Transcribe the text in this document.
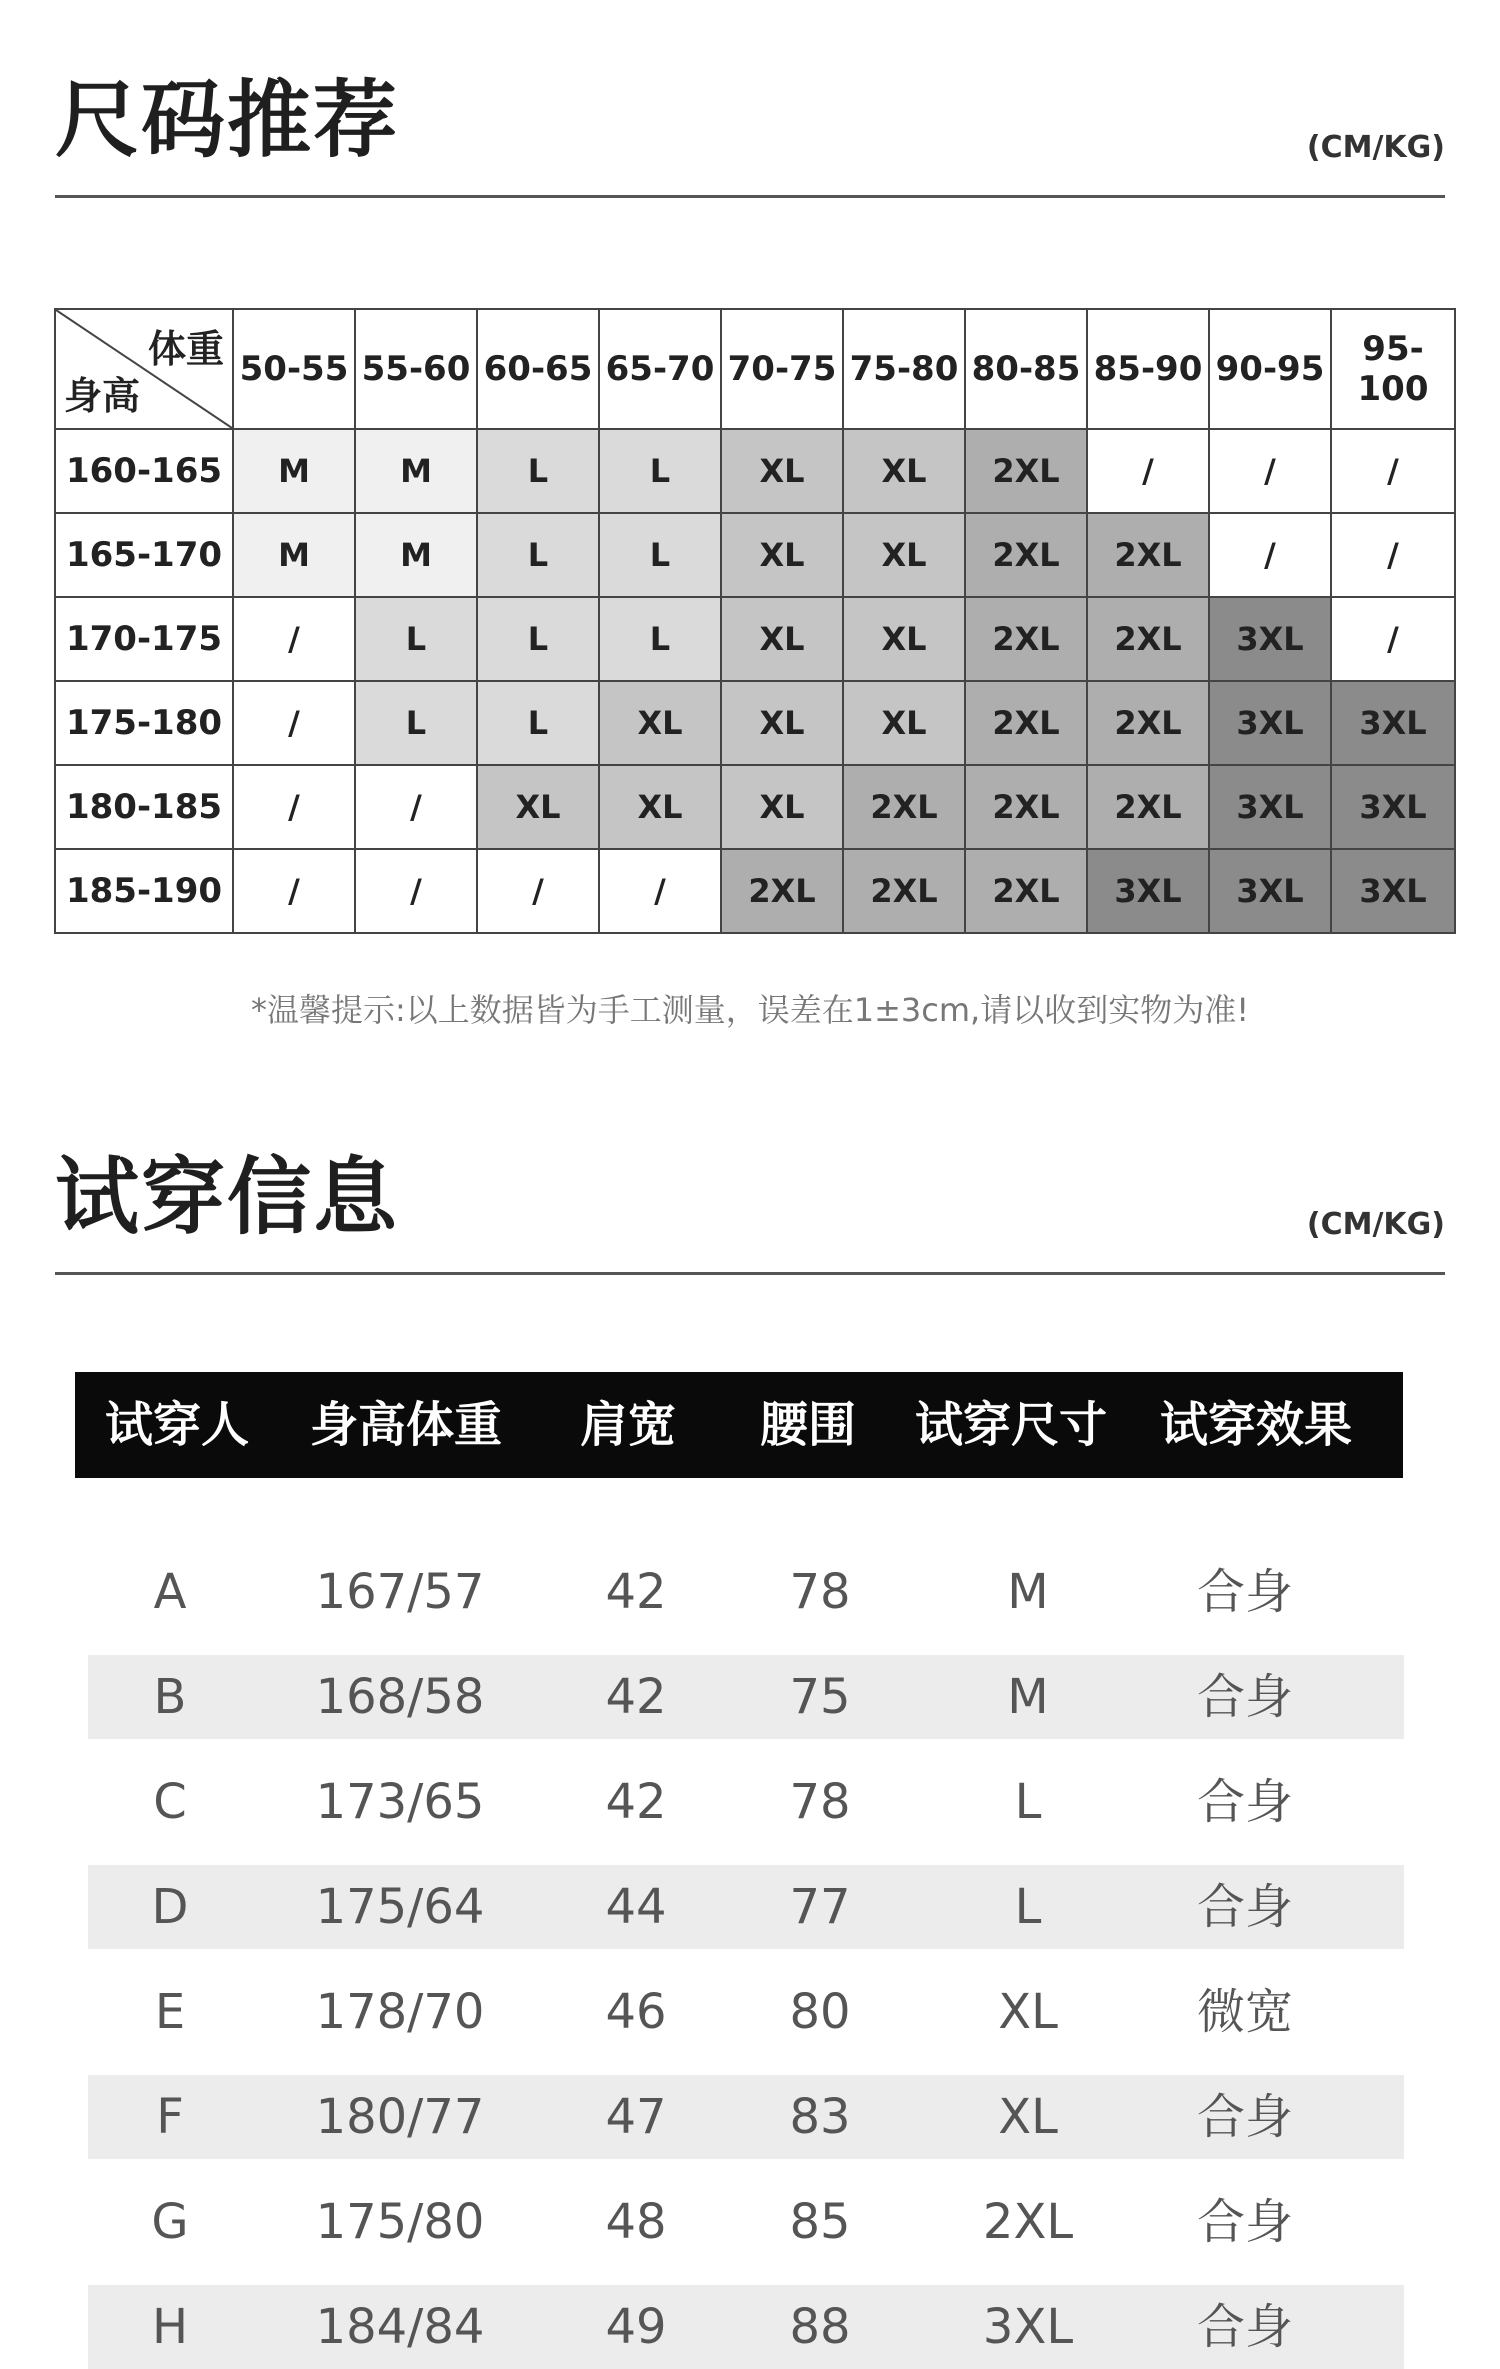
尺码推荐	(CM/KG)
体重
身高	50-55	55-60	60-65	65-70	70-75	75-80	80-85	85-90	90-95	95-100
160-165	M	M	L	L	XL	XL	2XL	/	/	/
165-170	M	M	L	L	XL	XL	2XL	2XL	/	/
170-175	/	L	L	L	XL	XL	2XL	2XL	3XL	/
175-180	/	L	L	XL	XL	XL	2XL	2XL	3XL	3XL
180-185	/	/	XL	XL	XL	2XL	2XL	2XL	3XL	3XL
185-190	/	/	/	/	2XL	2XL	2XL	3XL	3XL	3XL
*温馨提示:以上数据皆为手工测量，误差在1±3cm,请以收到实物为准!
试穿信息	(CM/KG)
试穿人 身高体重 肩宽 腰围 试穿尺寸 试穿效果
A	167/57	42	78	M	合身
B	168/58	42	75	M	合身
C	173/65	42	78	L	合身
D	175/64	44	77	L	合身
E	178/70	46	80	XL	微宽
F	180/77	47	83	XL	合身
G	175/80	48	85	2XL	合身
H	184/84	49	88	3XL	合身
